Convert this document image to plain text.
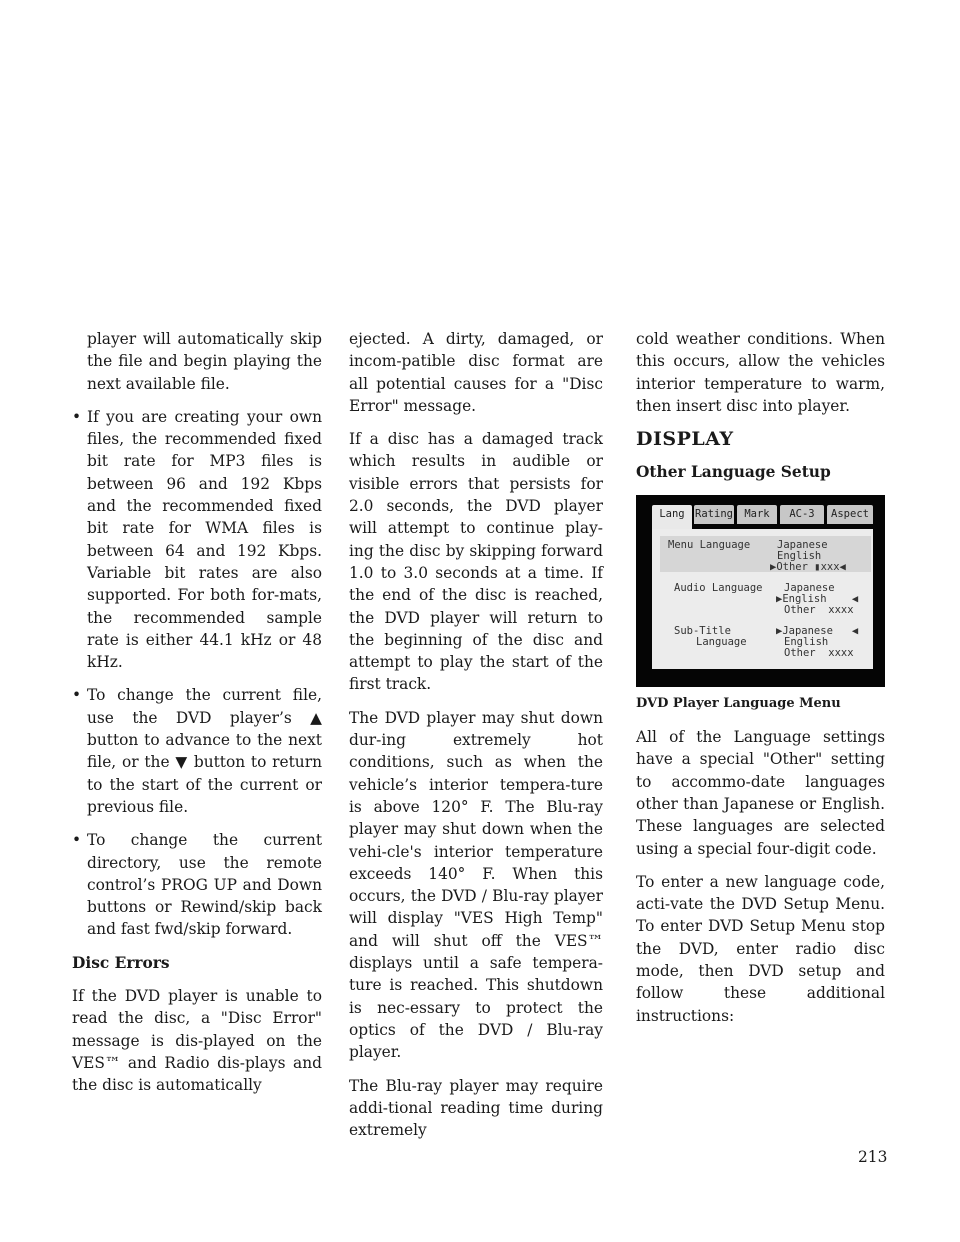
player will automatically skip the file and begin playing the next available file.

• If you are creating your own files, the recommended fixed bit rate for MP3 files is between 96 and 192 Kbps and the recommended fixed bit rate for WMA files is between 64 and 192 Kbps. Variable bit rates are also supported. For both for-mats, the recommended sample rate is either 44.1 kHz or 48 kHz.
• To change the current file, use the DVD player’s ▲ button to advance to the next file, or the ▼ button to return to the start of the current or previous file.
• To change the current directory, use the remote control’s PROG UP and Down buttons or Rewind/skip back and fast fwd/skip forward.

Disc Errors

If the DVD player is unable to read the disc, a "Disc Error" message is dis-played on the VES™ and Radio dis-plays and the disc is automatically

ejected. A dirty, damaged, or incom-patible disc format are all potential causes for a "Disc Error" message.

If a disc has a damaged track which results in audible or visible errors that persists for 2.0 seconds, the DVD player will attempt to continue play-ing the disc by skipping forward 1.0 to 3.0 seconds at a time. If the end of the disc is reached, the DVD player will return to the beginning of the disc and attempt to play the start of the first track.

The DVD player may shut down dur-ing extremely hot conditions, such as when the vehicle’s interior tempera-ture is above 120° F. The Blu-ray player may shut down when the vehi-cle's interior temperature exceeds 140° F. When this occurs, the DVD / Blu-ray player will display "VES High Temp" and will shut off the VES™ displays until a safe tempera-ture is reached. This shutdown is nec-essary to protect the optics of the DVD / Blu-ray player.

The Blu-ray player may require addi-tional reading time during extremely

cold weather conditions. When this occurs, allow the vehicles interior temperature to warm, then insert disc into player.

DISPLAY

Other Language Setup

Lang Rating	Mark	AC-3	Aspect
Menu Language	Japanese
English
▶Other ▮xxx◀
Audio Language Japanese
▶English    ◀
Other  xxxx
Sub-Title
Language
▶Japanese   ◀
English
Other  xxxx

DVD Player Language Menu

All of the Language settings have a special "Other" setting to accommo-date languages other than Japanese or English. These languages are selected using a special four-digit code.

To enter a new language code, acti-vate the DVD Setup Menu. To enter DVD Setup Menu stop the DVD, enter radio disc mode, then DVD setup and follow these additional instructions:

213
